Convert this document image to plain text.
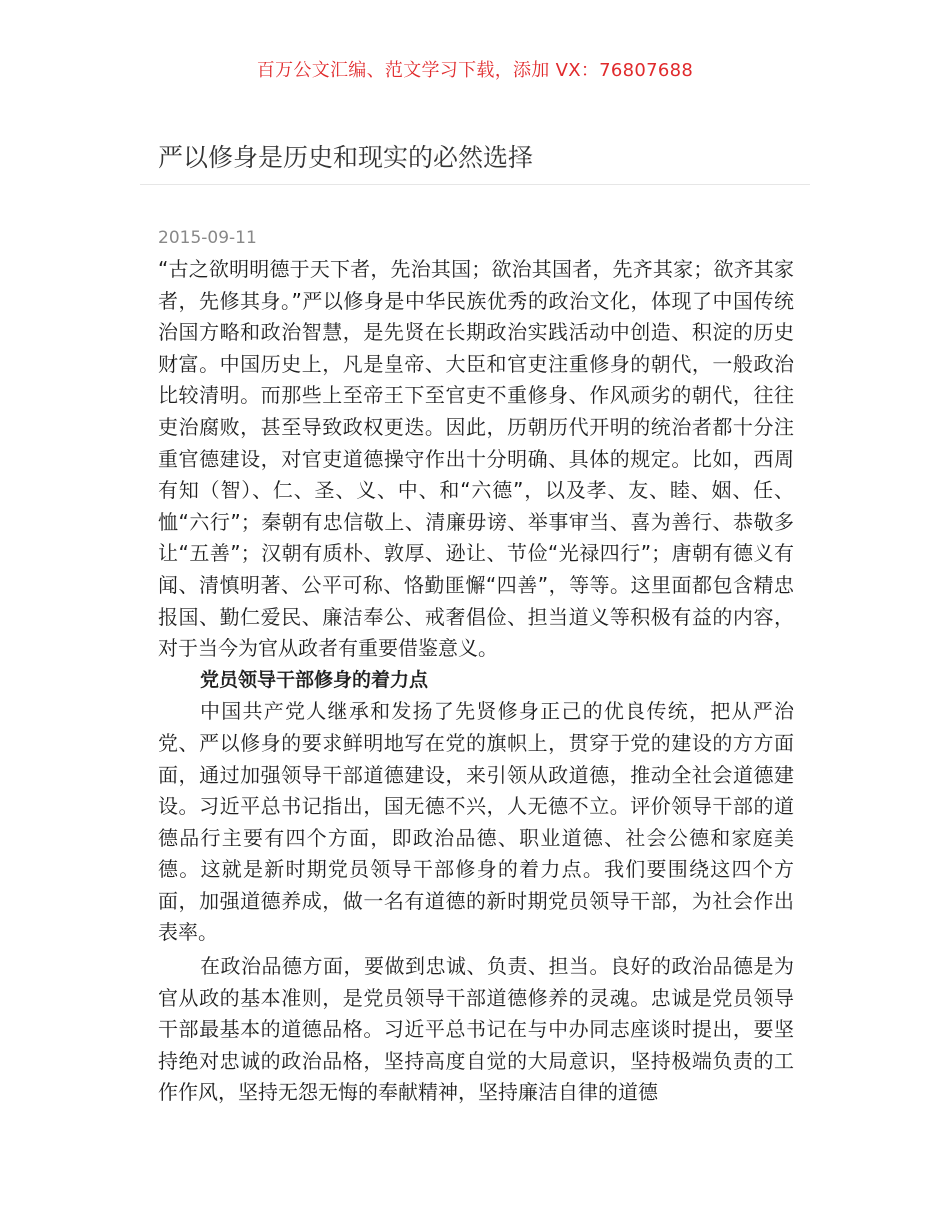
百万公文汇编、范文学习下载，添加 VX：76807688
严以修身是历史和现实的必然选择
2015-09-11

“古之欲明明德于天下者，先治其国；欲治其国者，先齐其家；欲齐其家者，先修其身。”严以修身是中华民族优秀的政治文化，体现了中国传统治国方略和政治智慧，是先贤在长期政治实践活动中创造、积淀的历史财富。中国历史上，凡是皇帝、大臣和官吏注重修身的朝代，一般政治比较清明。而那些上至帝王下至官吏不重修身、作风顽劣的朝代，往往吏治腐败，甚至导致政权更迭。因此，历朝历代开明的统治者都十分注重官德建设，对官吏道德操守作出十分明确、具体的规定。比如，西周有知（智）、仁、圣、义、中、和“六德”，以及孝、友、睦、姻、任、恤“六行”；秦朝有忠信敬上、清廉毋谤、举事审当、喜为善行、恭敬多让“五善”；汉朝有质朴、敦厚、逊让、节俭“光禄四行”；唐朝有德义有闻、清慎明著、公平可称、恪勤匪懈“四善”，等等。这里面都包含精忠报国、勤仁爱民、廉洁奉公、戒奢倡俭、担当道义等积极有益的内容，对于当今为官从政者有重要借鉴意义。

党员领导干部修身的着力点

中国共产党人继承和发扬了先贤修身正己的优良传统，把从严治党、严以修身的要求鲜明地写在党的旗帜上，贯穿于党的建设的方方面面，通过加强领导干部道德建设，来引领从政道德，推动全社会道德建设。习近平总书记指出，国无德不兴，人无德不立。评价领导干部的道德品行主要有四个方面，即政治品德、职业道德、社会公德和家庭美德。这就是新时期党员领导干部修身的着力点。我们要围绕这四个方面，加强道德养成，做一名有道德的新时期党员领导干部，为社会作出表率。

在政治品德方面，要做到忠诚、负责、担当。良好的政治品德是为官从政的基本准则，是党员领导干部道德修养的灵魂。忠诚是党员领导干部最基本的道德品格。习近平总书记在与中办同志座谈时提出，要坚持绝对忠诚的政治品格，坚持高度自觉的大局意识，坚持极端负责的工作作风，坚持无怨无悔的奉献精神，坚持廉洁自律的道德
